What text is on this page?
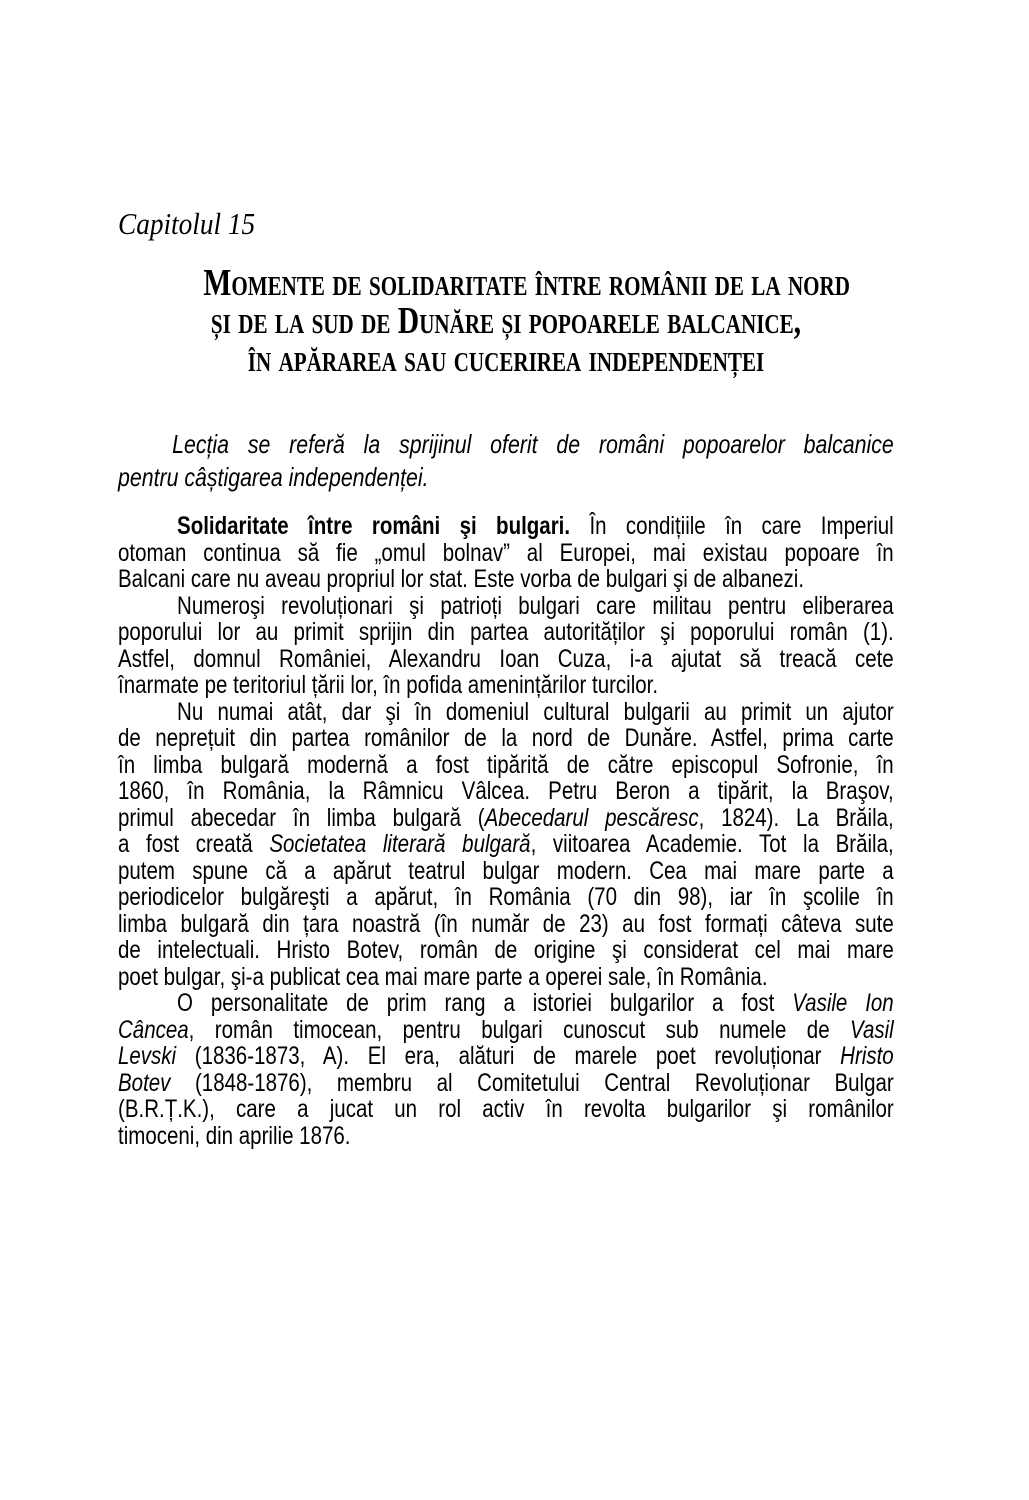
Capitolul 15
Momente de solidaritate între românii de la nord
și de la sud de Dunăre și popoarele balcanice,
în apărarea sau cucerirea independenței
Lecția se referă la sprijinul oferit de români popoarelor balcanice
pentru câștigarea independenței.
Solidaritate între români şi bulgari. În condițiile în care Imperiul
otoman continua să fie „omul bolnav” al Europei, mai existau popoare în
Balcani care nu aveau propriul lor stat. Este vorba de bulgari şi de albanezi.
Numeroşi revoluționari şi patrioți bulgari care militau pentru eliberarea
poporului lor au primit sprijin din partea autorităților şi poporului român (1).
Astfel, domnul României, Alexandru Ioan Cuza, i-a ajutat să treacă cete
înarmate pe teritoriul țării lor, în pofida amenințărilor turcilor.
Nu numai atât, dar şi în domeniul cultural bulgarii au primit un ajutor
de neprețuit din partea românilor de la nord de Dunăre. Astfel, prima carte
în limba bulgară modernă a fost tipărită de către episcopul Sofronie, în
1860, în România, la Râmnicu Vâlcea. Petru Beron a tipărit, la Braşov,
primul abecedar în limba bulgară (Abecedarul pescăresc, 1824). La Brăila,
a fost creată Societatea literară bulgară, viitoarea Academie. Tot la Brăila,
putem spune că a apărut teatrul bulgar modern. Cea mai mare parte a
periodicelor bulgăreşti a apărut, în România (70 din 98), iar în şcolile în
limba bulgară din țara noastră (în număr de 23) au fost formați câteva sute
de intelectuali. Hristo Botev, român de origine şi considerat cel mai mare
poet bulgar, şi-a publicat cea mai mare parte a operei sale, în România.
O personalitate de prim rang a istoriei bulgarilor a fost Vasile Ion
Câncea, român timocean, pentru bulgari cunoscut sub numele de Vasil
Levski (1836-1873, A). El era, alături de marele poet revoluționar Hristo
Botev (1848-1876), membru al Comitetului Central Revoluționar Bulgar
(B.R.Ț.K.), care a jucat un rol activ în revolta bulgarilor şi românilor
timoceni, din aprilie 1876.
